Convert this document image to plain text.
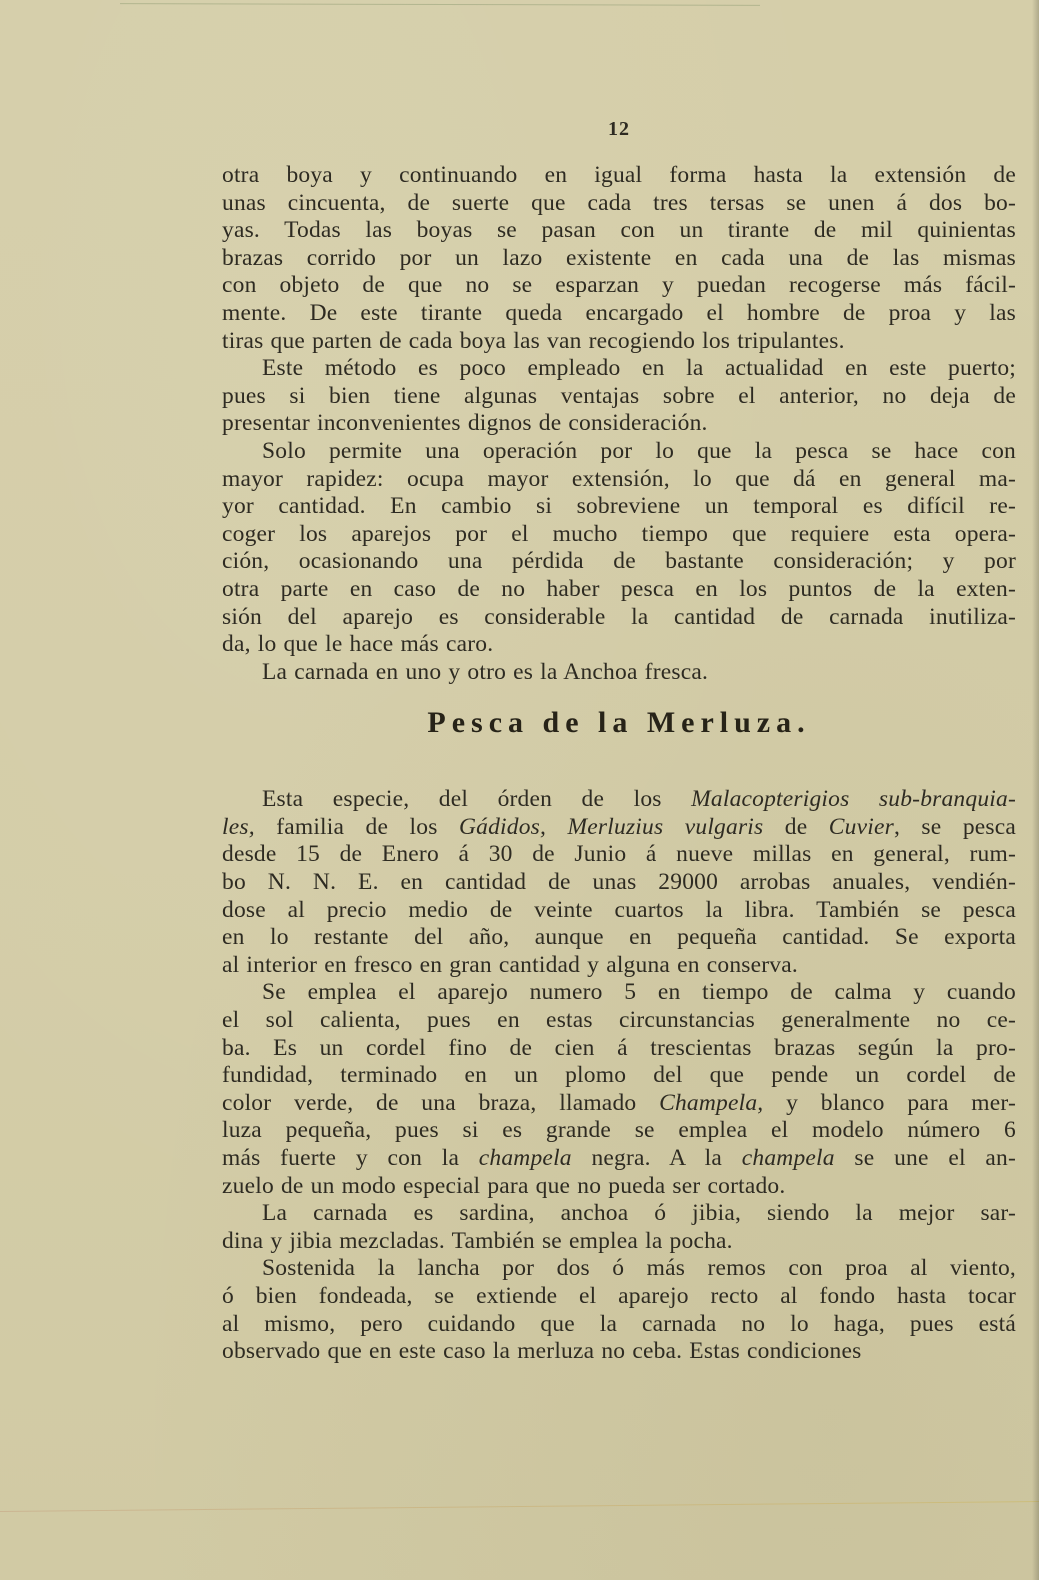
12
otra boya y continuando en igual forma hasta la extensión de
unas cincuenta, de suerte que cada tres tersas se unen á dos bo-
yas. Todas las boyas se pasan con un tirante de mil quinientas
brazas corrido por un lazo existente en cada una de las mismas
con objeto de que no se esparzan y puedan recogerse más fácil-
mente. De este tirante queda encargado el hombre de proa y las
tiras que parten de cada boya las van recogiendo los tripulantes.
Este método es poco empleado en la actualidad en este puerto;
pues si bien tiene algunas ventajas sobre el anterior, no deja de
presentar inconvenientes dignos de consideración.
Solo permite una operación por lo que la pesca se hace con
mayor rapidez: ocupa mayor extensión, lo que dá en general ma-
yor cantidad. En cambio si sobreviene un temporal es difícil re-
coger los aparejos por el mucho tiempo que requiere esta opera-
ción, ocasionando una pérdida de bastante consideración; y por
otra parte en caso de no haber pesca en los puntos de la exten-
sión del aparejo es considerable la cantidad de carnada inutiliza-
da, lo que le hace más caro.
La carnada en uno y otro es la Anchoa fresca.
Pesca de la Merluza.
Esta especie, del órden de los Malacopterigios sub-branquia-
les, familia de los Gádidos, Merluzius vulgaris de Cuvier, se pesca
desde 15 de Enero á 30 de Junio á nueve millas en general, rum-
bo N. N. E. en cantidad de unas 29000 arrobas anuales, vendién-
dose al precio medio de veinte cuartos la libra. También se pesca
en lo restante del año, aunque en pequeña cantidad. Se exporta
al interior en fresco en gran cantidad y alguna en conserva.
Se emplea el aparejo numero 5 en tiempo de calma y cuando
el sol calienta, pues en estas circunstancias generalmente no ce-
ba. Es un cordel fino de cien á trescientas brazas según la pro-
fundidad, terminado en un plomo del que pende un cordel de
color verde, de una braza, llamado Champela, y blanco para mer-
luza pequeña, pues si es grande se emplea el modelo número 6
más fuerte y con la champela negra. A la champela se une el an-
zuelo de un modo especial para que no pueda ser cortado.
La carnada es sardina, anchoa ó jibia, siendo la mejor sar-
dina y jibia mezcladas. También se emplea la pocha.
Sostenida la lancha por dos ó más remos con proa al viento,
ó bien fondeada, se extiende el aparejo recto al fondo hasta tocar
al mismo, pero cuidando que la carnada no lo haga, pues está
observado que en este caso la merluza no ceba. Estas condiciones
